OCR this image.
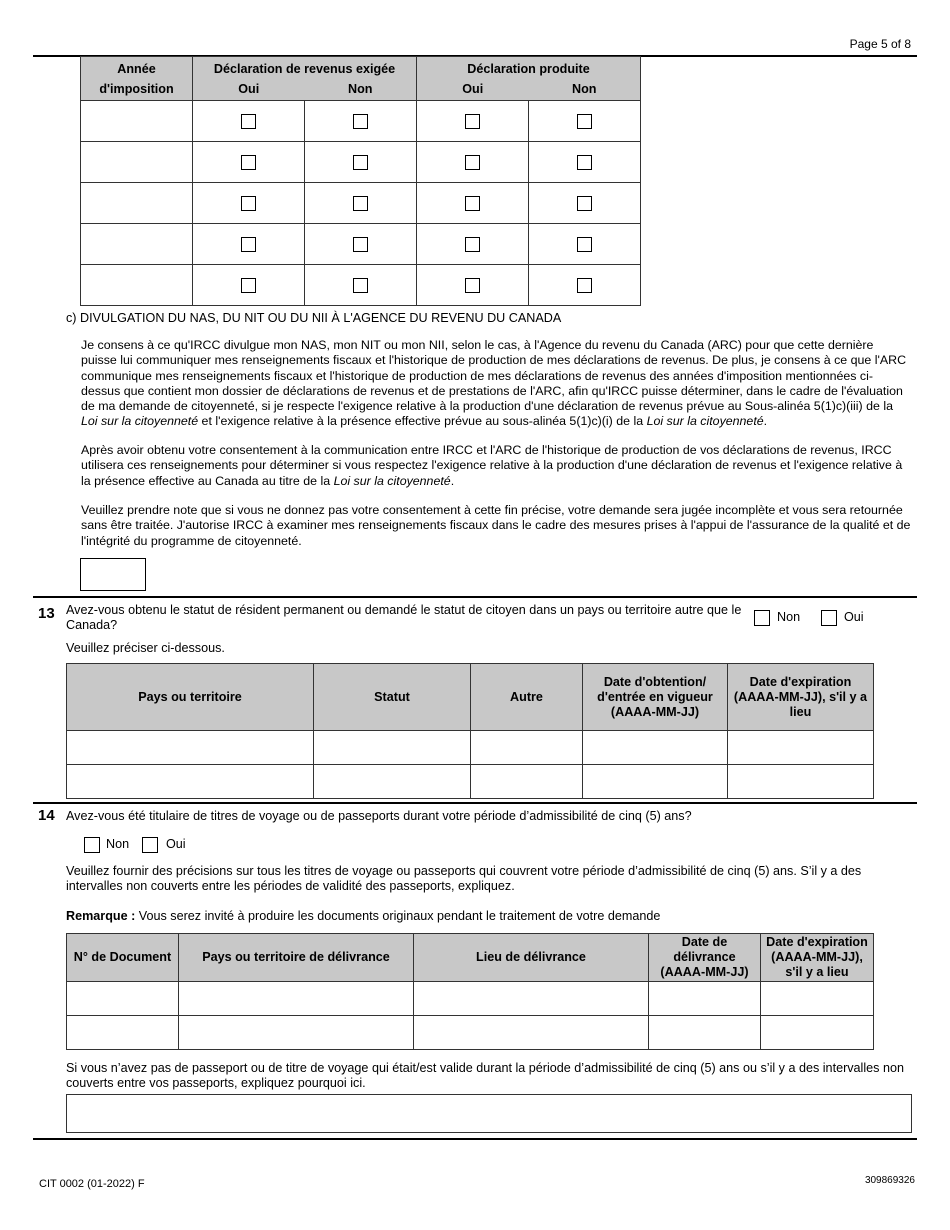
Page 5 of 8
Année	Déclaration de revenus exigée		Déclaration produite	
d'imposition	Oui	Non	Oui	Non

c) DIVULGATION DU NAS, DU NIT OU DU NII À L'AGENCE DU REVENU DU CANADA
Je consens à ce qu'IRCC divulgue mon NAS, mon NIT ou mon NII, selon le cas, à l'Agence du revenu du Canada (ARC) pour que cette dernière puisse lui communiquer mes renseignements fiscaux et l'historique de production de mes déclarations de revenus. De plus, je consens à ce que l'ARC communique mes renseignements fiscaux et l'historique de production de mes déclarations de revenus des années d'imposition mentionnées ci-dessus que contient mon dossier de déclarations de revenus et de prestations de l'ARC, afin qu'IRCC puisse déterminer, dans le cadre de l'évaluation de ma demande de citoyenneté, si je respecte l'exigence relative à la production d'une déclaration de revenus prévue au Sous-alinéa 5(1)c)(iii) de la Loi sur la citoyenneté et l'exigence relative à la présence effective prévue au sous-alinéa 5(1)c)(i) de la Loi sur la citoyenneté.
Après avoir obtenu votre consentement à la communication entre IRCC et l'ARC de l'historique de production de vos déclarations de revenus, IRCC utilisera ces renseignements pour déterminer si vous respectez l'exigence relative à la production d'une déclaration de revenus et l'exigence relative à la présence effective au Canada au titre de la Loi sur la citoyenneté.
Veuillez prendre note que si vous ne donnez pas votre consentement à cette fin précise, votre demande sera jugée incomplète et vous sera retournée sans être traitée. J'autorise IRCC à examiner mes renseignements fiscaux dans le cadre des mesures prises à l'appui de l'assurance de la qualité et de l'intégrité du programme de citoyenneté.
13 Avez-vous obtenu le statut de résident permanent ou demandé le statut de citoyen dans un pays ou territoire autre que le Canada?
Non	Oui
Veuillez préciser ci-dessous.
Pays ou territoire	Statut	Autre	Date d'obtention/ d'entrée en vigueur (AAAA-MM-JJ)	Date d'expiration (AAAA-MM-JJ), s'il y a lieu

14 Avez-vous été titulaire de titres de voyage ou de passeports durant votre période d’admissibilité de cinq (5) ans?
Non	Oui
Veuillez fournir des précisions sur tous les titres de voyage ou passeports qui couvrent votre période d’admissibilité de cinq (5) ans. S’il y a des intervalles non couverts entre les périodes de validité des passeports, expliquez.
Remarque : Vous serez invité à produire les documents originaux pendant le traitement de votre demande
N° de Document	Pays ou territoire de délivrance	Lieu de délivrance	Date de délivrance (AAAA-MM-JJ)	Date d'expiration (AAAA-MM-JJ), s'il y a lieu

Si vous n’avez pas de passeport ou de titre de voyage qui était/est valide durant la période d’admissibilité de cinq (5) ans ou s’il y a des intervalles non couverts entre vos passeports, expliquez pourquoi ici.
CIT 0002 (01-2022) F	309869326
